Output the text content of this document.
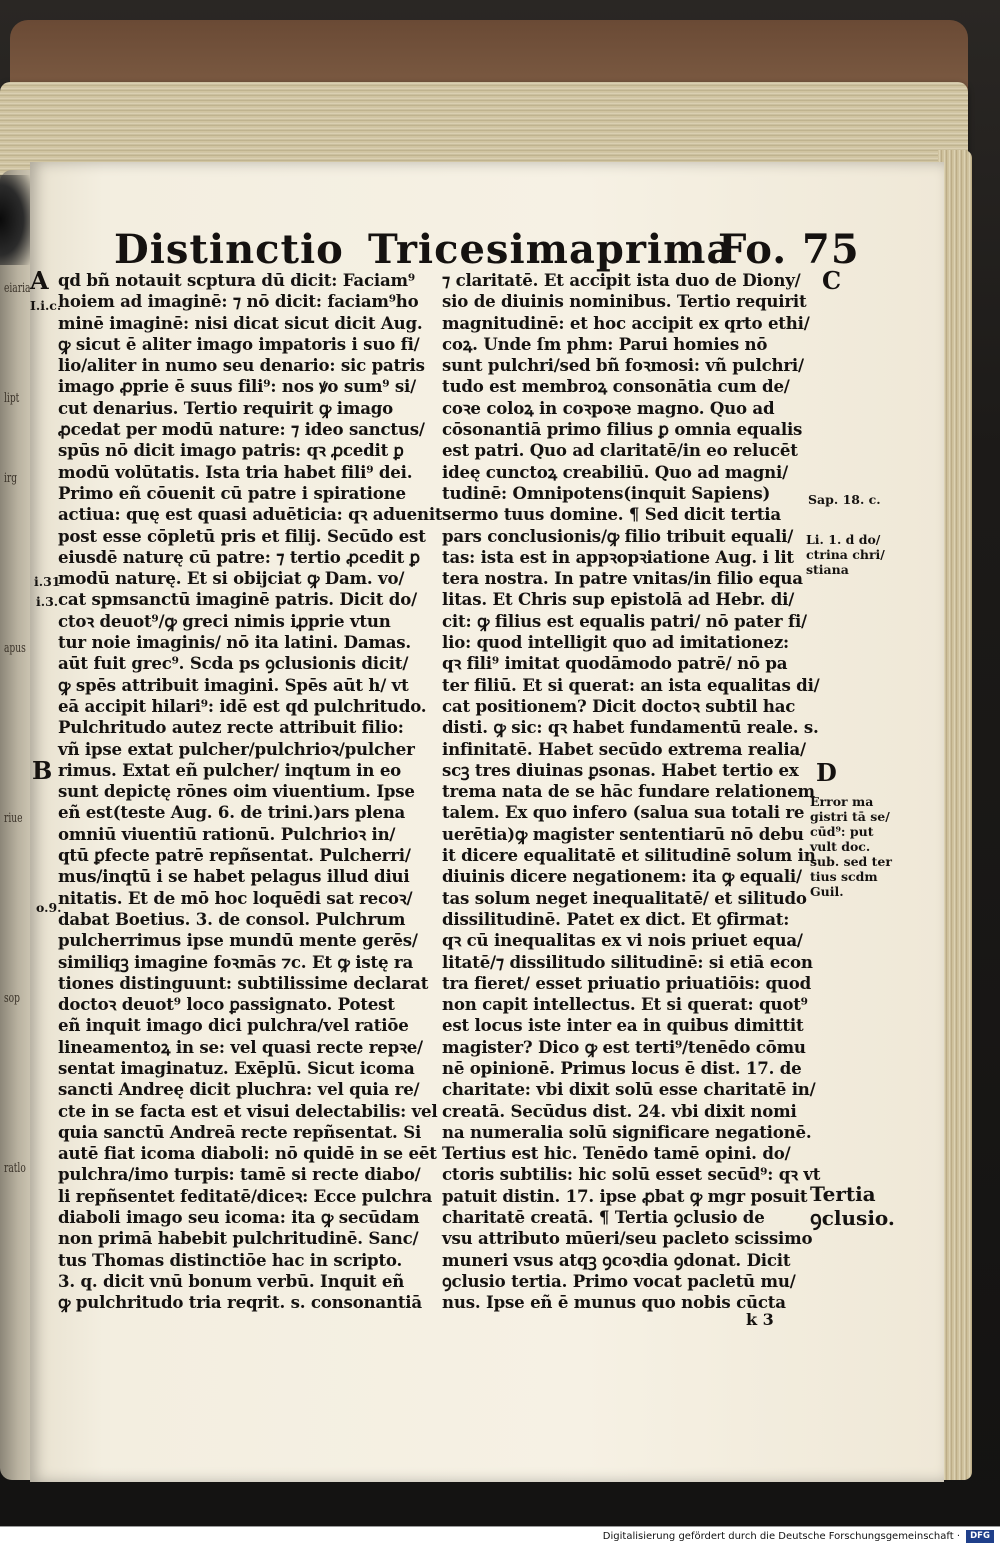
eiaria
lipt
irg
apus
riue
sop
ratlo
Distinctio Tricesimaprima
Fo. 75
A
B
C
D
I.i.c.
i.31
i.3.
o.9.
qd bñ notauit scptura dū dicit: Faciam⁹
hoiem ad imaginē: ⁊ nō dicit: faciam⁹ho
minē imaginē: nisi dicat sicut dicit Aug.
ꝙ sicut ē aliter imago impatoris i suo fi/
lio/aliter in numo seu denario: sic patris
imago ꝓprie ē suus fili⁹: nos ꝟo sum⁹ si/
cut denarius. Tertio requirit ꝙ imago
ꝓcedat per modū nature: ⁊ ideo sanctus/
spūs nō dicit imago patris: qꝛ ꝓcedit ꝑ
modū volūtatis. Ista tria habet fili⁹ dei.
Primo eñ cōuenit cū patre i spiratione
actiua: quę est quasi aduēticia: qꝛ aduenit
post esse cōpletū pris et filij. Secūdo est
eiusdē naturę cū patre: ⁊ tertio ꝓcedit ꝑ
modū naturę. Et si obijciat ꝙ Dam. vo/
cat spmsanctū imaginē patris. Dicit do/
ctoꝛ deuot⁹/ꝙ greci nimis iꝓprie vtun
tur noie imaginis/ nō ita latini. Damas.
aūt fuit grec⁹. Scda ps ꝯclusionis dicit/
ꝙ spēs attribuit imagini. Spēs aūt h/ vt
eā accipit hilari⁹: idē est qd pulchritudo.
Pulchritudo autez recte attribuit filio:
vñ ipse extat pulcher/pulchrioꝛ/pulcher
rimus. Extat eñ pulcher/ inqtum in eo
sunt depictę rōnes oim viuentium. Ipse
eñ est(teste Aug. 6. de trini.)ars plena
omniū viuentiū rationū. Pulchrioꝛ in/
qtū ꝑfecte patrē repñsentat. Pulcherri/
mus/inqtū i se habet pelagus illud diui
nitatis. Et de mō hoc loquēdi sat recoꝛ/
dabat Boetius. 3. de consol. Pulchrum
pulcherrimus ipse mundū mente gerēs/
similiqꝫ imagine foꝛmās ⁊c. Et ꝙ istę ra
tiones distinguunt: subtilissime declarat
doctoꝛ deuot⁹ loco ꝑassignato. Potest
eñ inquit imago dici pulchra/vel ratiōe
lineamentoꝝ in se: vel quasi recte repꝛe/
sentat imaginatuz. Exēplū. Sicut icoma
sancti Andreę dicit pluchra: vel quia re/
cte in se facta est et visui delectabilis: vel
quia sanctū Andreā recte repñsentat. Si
autē fiat icoma diaboli: nō quidē in se eēt
pulchra/imo turpis: tamē si recte diabo/
li repñsentet feditatē/diceꝛ: Ecce pulchra
diaboli imago seu icoma: ita ꝙ secūdam
non primā habebit pulchritudinē. Sanc/
tus Thomas distinctiōe hac in scripto.
3. q. dicit vnū bonum verbū. Inquit eñ
ꝙ pulchritudo tria reqrit. s. consonantiā
⁊ claritatē. Et accipit ista duo de Diony/
sio de diuinis nominibus. Tertio requirit
magnitudinē: et hoc accipit ex qrto ethi/
coꝝ. Unde ſm phm: Parui homies nō
sunt pulchri/sed bñ foꝛmosi: vñ pulchri/
tudo est membroꝝ consonātia cum de/
coꝛe coloꝝ in coꝛpoꝛe magno. Quo ad
cōsonantiā primo filius ꝑ omnia equalis
est patri. Quo ad claritatē/in eo relucēt
ideę cunctoꝝ creabiliū. Quo ad magni/
tudinē: Omnipotens(inquit Sapiens)
sermo tuus domine. ¶ Sed dicit tertia
pars conclusionis/ꝙ filio tribuit equali/
tas: ista est in appꝛopꝛiatione Aug. i lit
tera nostra. In patre vnitas/in filio equa
litas. Et Chris sup epistolā ad Hebr. di/
cit: ꝙ filius est equalis patri/ nō pater fi/
lio: quod intelligit quo ad imitationez:
qꝛ fili⁹ imitat quodāmodo patrē/ nō pa
ter filiū. Et si querat: an ista equalitas di/
cat positionem? Dicit doctoꝛ subtil hac
disti. ꝙ sic: qꝛ habet fundamentū reale. s.
infinitatē. Habet secūdo extrema realia/
scꝫ tres diuinas ꝑsonas. Habet tertio ex
trema nata de se hāc fundare relationem
talem. Ex quo infero (salua sua totali re
uerētia)ꝙ magister sententiarū nō debu
it dicere equalitatē et silitudinē solum in
diuinis dicere negationem: ita ꝙ equali/
tas solum neget inequalitatē/ et silitudo
dissilitudinē. Patet ex dict. Et ꝯfirmat:
qꝛ cū inequalitas ex vi nois priuet equa/
litatē/⁊ dissilitudo silitudinē: si etiā econ
tra fieret/ esset priuatio priuatiōis: quod
non capit intellectus. Et si querat: quot⁹
est locus iste inter ea in quibus dimittit
magister? Dico ꝙ est terti⁹/tenēdo cōmu
nē opinionē. Primus locus ē dist. 17. de
charitate: vbi dixit solū esse charitatē in/
creatā. Secūdus dist. 24. vbi dixit nomi
na numeralia solū significare negationē.
Tertius est hic. Tenēdo tamē opini. do/
ctoris subtilis: hic solū esset secūd⁹: qꝛ vt
patuit distin. 17. ipse ꝓbat ꝙ mgr posuit
charitatē creatā. ¶ Tertia ꝯclusio de
vsu attributo mūeri/seu pacleto scissimo
muneri vsus atqꝫ ꝯcoꝛdia ꝯdonat. Dicit
ꝯclusio tertia. Primo vocat pacletū mu/
nus. Ipse eñ ē munus quo nobis cūcta
Sap. 18. c.
Li. 1. d do/
ctrina chri/
stiana
Error ma
gistri tā se/
cūd⁹: put
vult doc.
sub. sed ter
tius scdm
Guil.
Tertia
ꝯclusio.
k 3
Digitalisierung gefördert durch die Deutsche Forschungsgemeinschaft ·	DFG
